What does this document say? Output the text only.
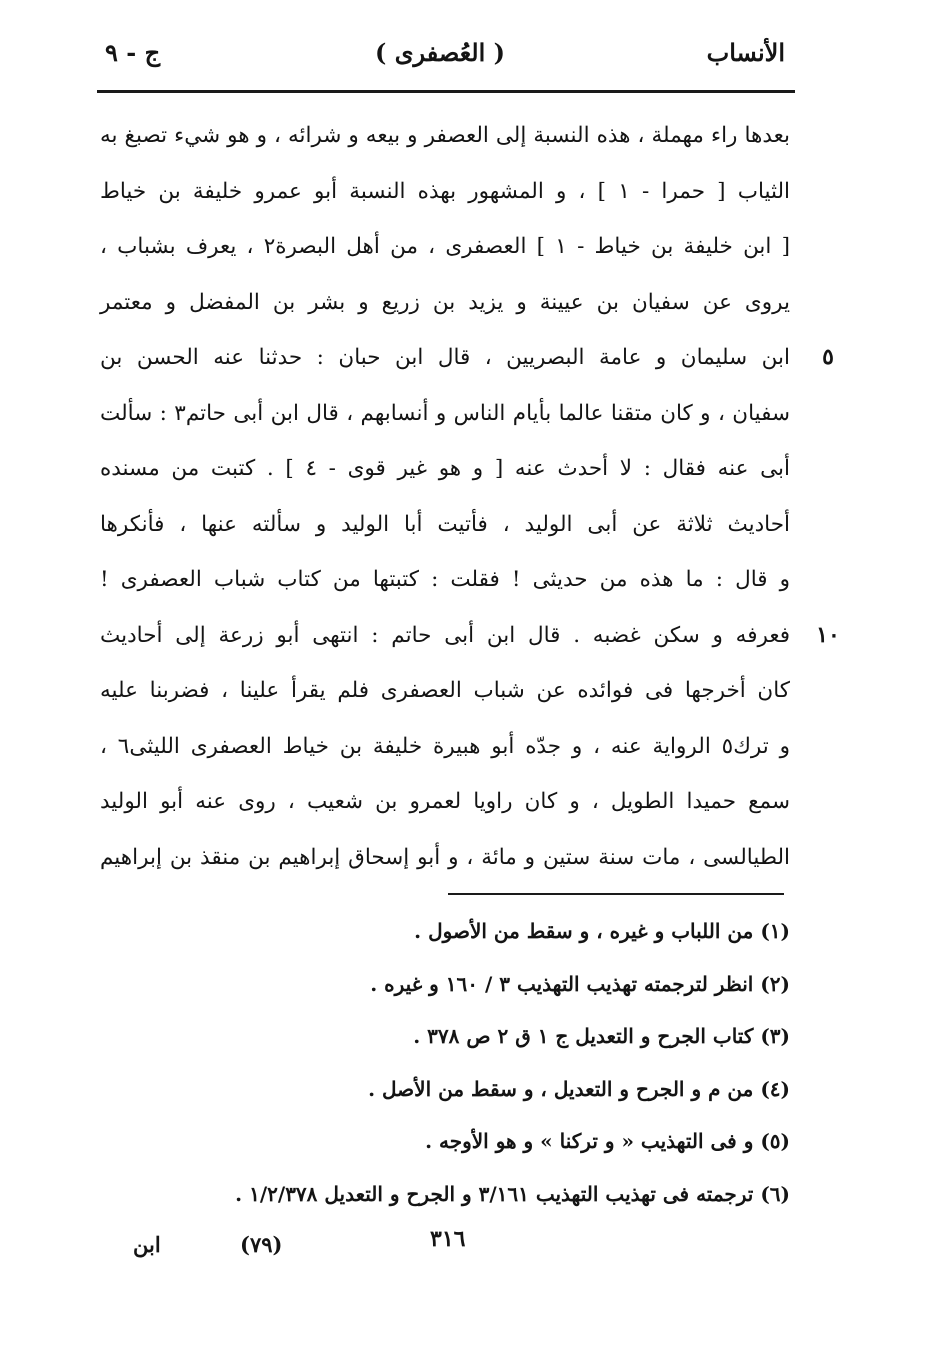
الأنساب
( العُصفرى )
ج - ٩
بعدها راء مهملة ، هذه النسبة إلى العصفر و بيعه و شرائه ، و هو شيء تصبغ به
الثياب [ حمرا - ١ ] ، و المشهور بهذه النسبة أبو عمرو خليفة بن خياط
[ ابن خليفة بن خياط - ١ ] العصفرى ، من أهل البصرة٢ ، يعرف بشباب ،
يروى عن سفيان بن عيينة و يزيد بن زريع و بشر بن المفضل و معتمر
ابن سليمان و عامة البصريين ، قال ابن حبان : حدثنا عنه الحسن بن
سفيان ، و كان متقنا عالما بأيام الناس و أنسابهم ، قال ابن أبى حاتم٣ : سألت
أبى عنه فقال : لا أحدث عنه [ و هو غير قوى - ٤ ] . كتبت من مسنده
أحاديث ثلاثة عن أبى الوليد ، فأتيت أبا الوليد و سألته عنها ، فأنكرها
و قال : ما هذه من حديثى ! فقلت : كتبتها من كتاب شباب العصفرى !
فعرفه و سكن غضبه . قال ابن أبى حاتم : انتهى أبو زرعة إلى أحاديث
كان أخرجها فى فوائده عن شباب العصفرى فلم يقرأ علينا ، فضربنا عليه
و ترك٥ الرواية عنه ، و جدّه أبو هبيرة خليفة بن خياط العصفرى الليثى٦ ،
سمع حميدا الطويل ، و كان راويا لعمرو بن شعيب ، روى عنه أبو الوليد
الطيالسى ، مات سنة ستين و مائة ، و أبو إسحاق إبراهيم بن منقذ بن إبراهيم
٥
١٠
(١) من اللباب و غيره ، و سقط من الأصول .
(٢) انظر لترجمته تهذيب التهذيب ٣ / ١٦٠ و غيره .
(٣) كتاب الجرح و التعديل ج ١ ق ٢ ص ٣٧٨ .
(٤) من م و الجرح و التعديل ، و سقط من الأصل .
(٥) و فى التهذيب « و تركنا » و هو الأوجه .
(٦) ترجمته فى تهذيب التهذيب ٣/١٦١ و الجرح و التعديل ١/٢/٣٧٨ .
ابن	(٧٩)	٣١٦
